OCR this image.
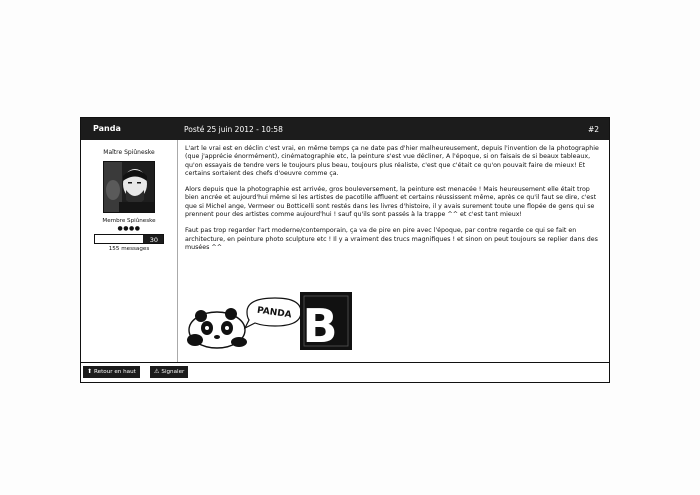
Panda	Posté 25 juin 2012 - 10:58	#2
Maître Spiûneske
Membre Spiûneske
●●●●
30
155 messages

L'art le vrai est en déclin c'est vrai, en même temps ça ne date pas d'hier malheureusement, depuis l'invention de la photographie (que j'apprécie énormément), cinématographie etc, la peinture s'est vue décliner, A l'époque, si on faisais de si beaux tableaux, qu'on essayais de tendre vers le toujours plus beau, toujours plus réaliste, c'est que c'était ce qu'on pouvait faire de mieux! Et certains sortaient des chefs d'oeuvre comme ça.

Alors depuis que la photographie est arrivée, gros bouleversement, la peinture est menacée ! Mais heureusement elle était trop bien ancrée et aujourd'hui même si les artistes de pacotille affluent et certains réussissent même, après ce qu'il faut se dire, c'est que si Michel ange, Vermeer ou Botticelli sont restés dans les livres d'histoire, il y avais surement toute une flopée de gens qui se prennent pour des artistes comme aujourd'hui ! sauf qu'ils sont passés à la trappe ^^ et c'est tant mieux!

Faut pas trop regarder l'art moderne/contemporain, ça va de pire en pire avec l'époque, par contre regarde ce qui se fait en architecture, en peinture photo sculpture etc ! Il y a vraiment des trucs magnifiques ! et sinon on peut toujours se replier dans des musées ^^

PANDA B
⬆ Retour en haut	⚠ Signaler
